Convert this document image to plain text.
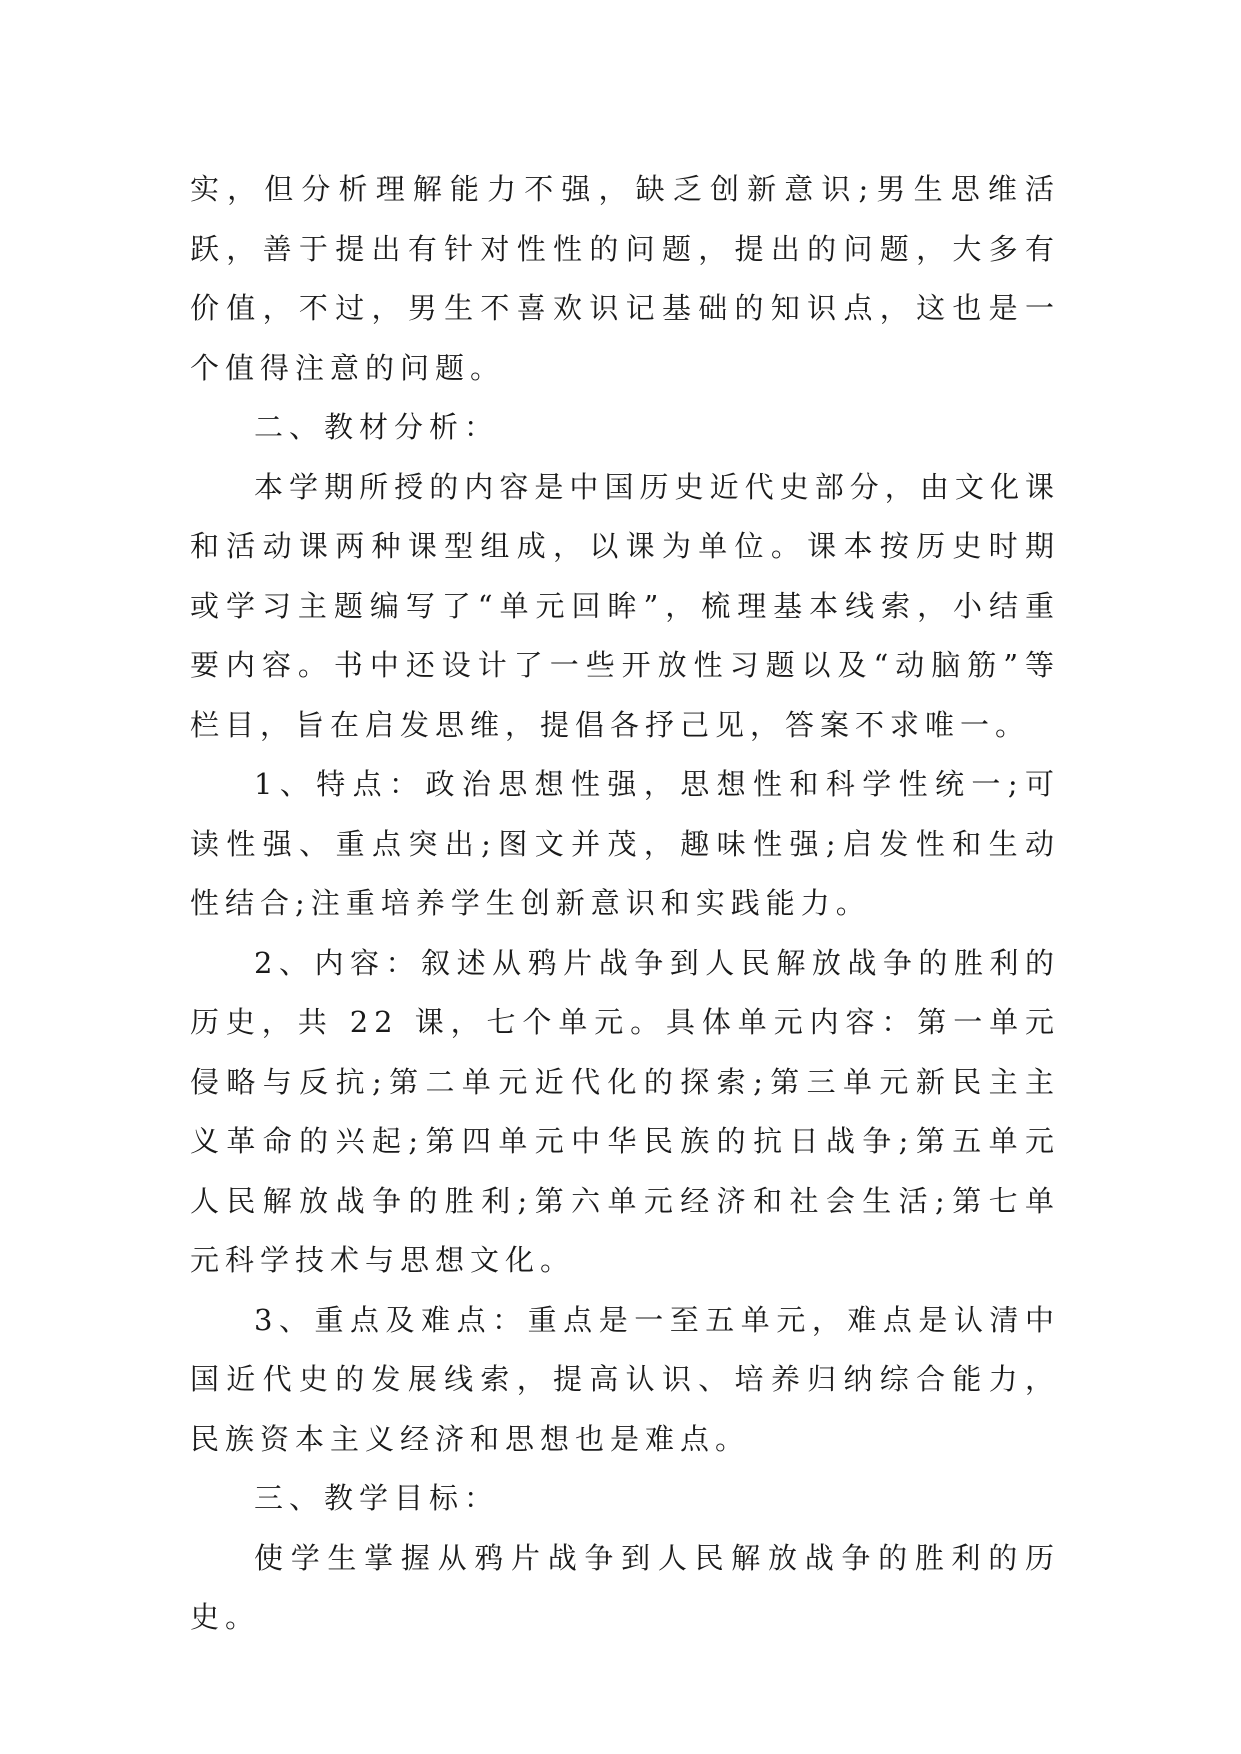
实，但分析理解能力不强，缺乏创新意识;男生思维活跃，善于提出有针对性性的问题，提出的问题，大多有价值，不过，男生不喜欢识记基础的知识点，这也是一个值得注意的问题。

二、教材分析：

本学期所授的内容是中国历史近代史部分，由文化课和活动课两种课型组成，以课为单位。课本按历史时期或学习主题编写了“单元回眸”，梳理基本线索，小结重要内容。书中还设计了一些开放性习题以及“动脑筋”等栏目，旨在启发思维，提倡各抒己见，答案不求唯一。

1、特点：政治思想性强，思想性和科学性统一;可读性强、重点突出;图文并茂，趣味性强;启发性和生动性结合;注重培养学生创新意识和实践能力。

2、内容：叙述从鸦片战争到人民解放战争的胜利的历史，共 22 课，七个单元。具体单元内容：第一单元侵略与反抗;第二单元近代化的探索;第三单元新民主主义革命的兴起;第四单元中华民族的抗日战争;第五单元人民解放战争的胜利;第六单元经济和社会生活;第七单元科学技术与思想文化。

3、重点及难点：重点是一至五单元，难点是认清中国近代史的发展线索，提高认识、培养归纳综合能力，民族资本主义经济和思想也是难点。

三、教学目标：

使学生掌握从鸦片战争到人民解放战争的胜利的历史。
